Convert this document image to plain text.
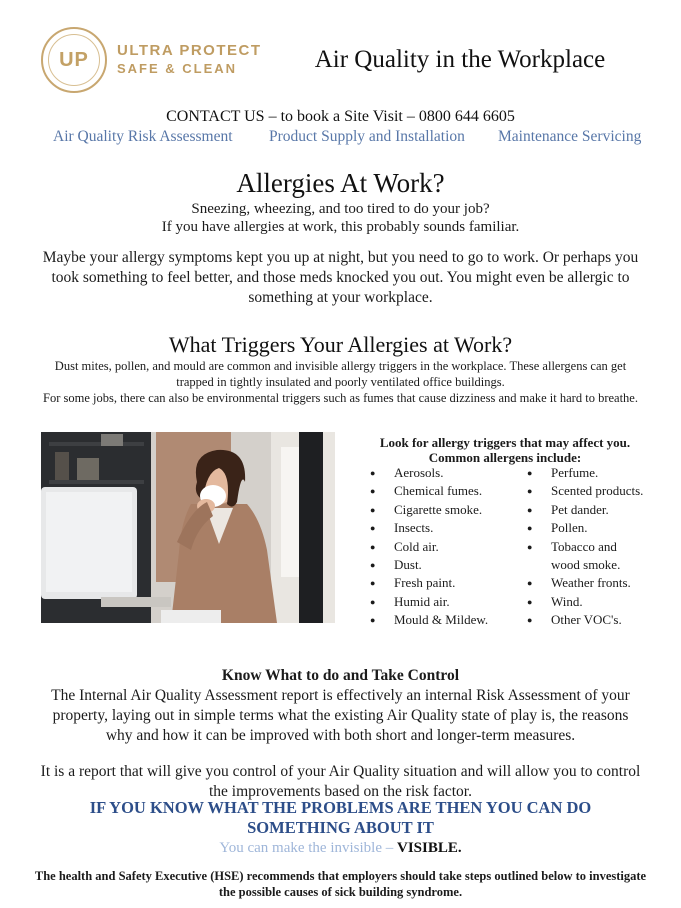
UP	ULTRA PROTECT
SAFE & CLEAN	Air Quality in the Workplace
CONTACT US – to book a Site Visit – 0800 644 6605
Air Quality Risk Assessment Product Supply and Installation Maintenance Servicing
Allergies At Work?
Sneezing, wheezing, and too tired to do your job?
If you have allergies at work, this probably sounds familiar.
Maybe your allergy symptoms kept you up at night, but you need to go to work. Or perhaps you took something to feel better, and those meds knocked you out. You might even be allergic to something at your workplace.
What Triggers Your Allergies at Work?
Dust mites, pollen, and mould are common and invisible allergy triggers in the workplace. These allergens can get trapped in tightly insulated and poorly ventilated office buildings.
For some jobs, there can also be environmental triggers such as fumes that cause dizziness and make it hard to breathe.
Look for allergy triggers that may affect you. Common allergens include:
● Aerosols.
● Chemical fumes.
● Cigarette smoke.
● Insects.
● Cold air.
● Dust.
● Fresh paint.
● Humid air.
● Mould & Mildew.
● Perfume.
● Scented products.
● Pet dander.
● Pollen.
● Tobacco and wood smoke.
● Weather fronts.
● Wind.
● Other VOC's.
Know What to do and Take Control
The Internal Air Quality Assessment report is effectively an internal Risk Assessment of your property, laying out in simple terms what the existing Air Quality state of play is, the reasons why and how it can be improved with both short and longer-term measures.
It is a report that will give you control of your Air Quality situation and will allow you to control the improvements based on the risk factor.
IF YOU KNOW WHAT THE PROBLEMS ARE THEN YOU CAN DO SOMETHING ABOUT IT
You can make the invisible – VISIBLE.
The health and Safety Executive (HSE) recommends that employers should take steps outlined below to investigate the possible causes of sick building syndrome.
